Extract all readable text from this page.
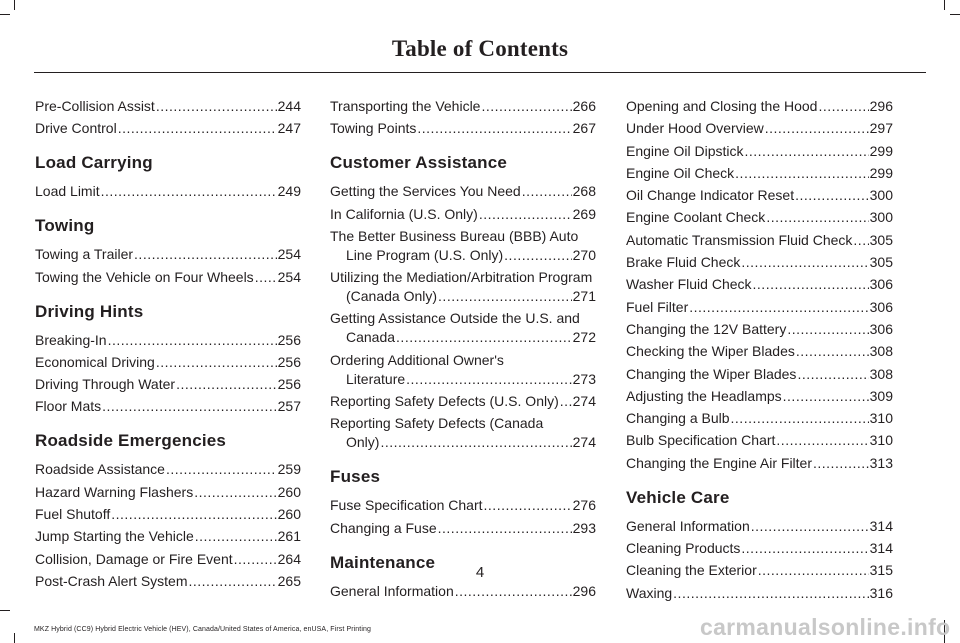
Table of Contents
Pre-Collision Assist .....	244
Drive Control .....	247
Load Carrying
Load Limit .....	249
Towing
Towing a Trailer .....	254
Towing the Vehicle on Four Wheels ..... 254
Driving Hints
Breaking-In .....	256
Economical Driving .....	256
Driving Through Water .....	256
Floor Mats .....	257
Roadside Emergencies
Roadside Assistance .....	259
Hazard Warning Flashers .....	260
Fuel Shutoff .....	260
Jump Starting the Vehicle .....	261
Collision, Damage or Fire Event .....	264
Post-Crash Alert System .....	265
Transporting the Vehicle .....	266
Towing Points .....	267
Customer Assistance
Getting the Services You Need .....	268
In California (U.S. Only) .....	269
The Better Business Bureau (BBB) Auto
Line Program (U.S. Only) .....	270
Utilizing the Mediation/Arbitration Program
(Canada Only) .....	271
Getting Assistance Outside the U.S. and
Canada .....	272
Ordering Additional Owner's
Literature .....	273
Reporting Safety Defects (U.S. Only) ..... 274
Reporting Safety Defects (Canada
Only) .....	274
Fuses
Fuse Specification Chart .....	276
Changing a Fuse .....	293
Maintenance
General Information .....	296
Opening and Closing the Hood .....	296
Under Hood Overview .....	297
Engine Oil Dipstick .....	299
Engine Oil Check .....	299
Oil Change Indicator Reset .....	300
Engine Coolant Check .....	300
Automatic Transmission Fluid Check ..... 305
Brake Fluid Check .....	305
Washer Fluid Check .....	306
Fuel Filter .....	306
Changing the 12V Battery .....	306
Checking the Wiper Blades .....	308
Changing the Wiper Blades .....	308
Adjusting the Headlamps .....	309
Changing a Bulb .....	310
Bulb Specification Chart .....	310
Changing the Engine Air Filter .....	313
Vehicle Care
General Information .....	314
Cleaning Products .....	314
Cleaning the Exterior .....	315
Waxing .....	316
4
MKZ Hybrid (CC9) Hybrid Electric Vehicle (HEV), Canada/United States of America, enUSA, First Printing	carmanualsonline.info
